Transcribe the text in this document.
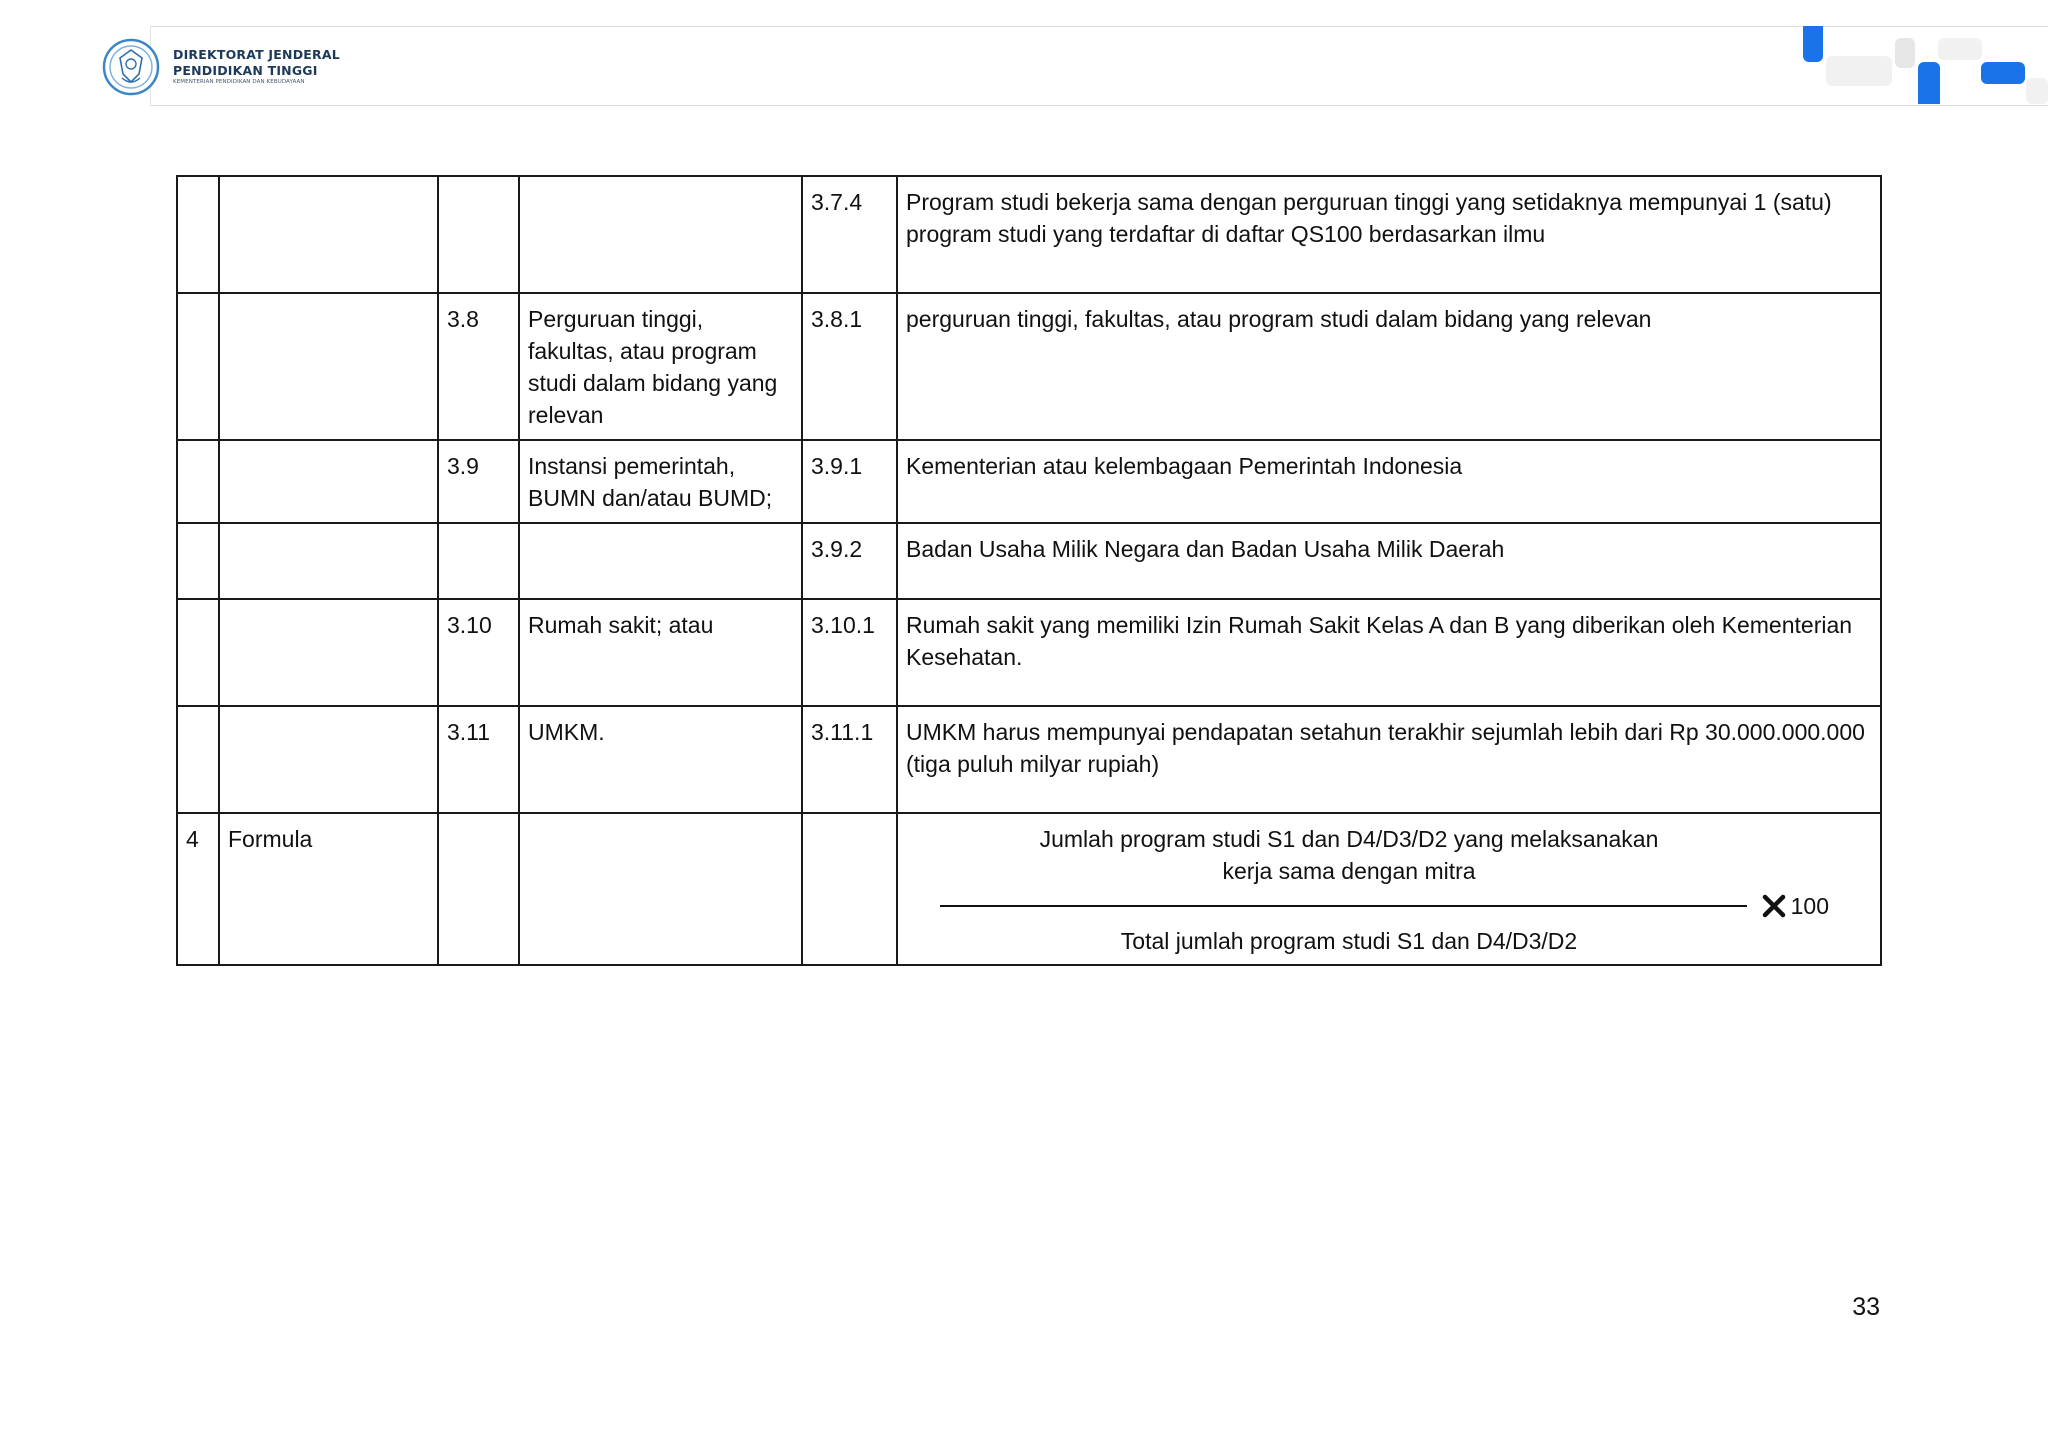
DIREKTORAT JENDERAL
PENDIDIKAN TINGGI
KEMENTERIAN PENDIDIKAN DAN KEBUDAYAAN
				3.7.4	Program studi bekerja sama dengan perguruan tinggi yang setidaknya mempunyai 1 (satu) program studi yang terdaftar di daftar QS100 berdasarkan ilmu
		3.8	Perguruan tinggi, fakultas, atau program studi dalam bidang yang relevan	3.8.1	perguruan tinggi, fakultas, atau program studi dalam bidang yang relevan
		3.9	Instansi pemerintah, BUMN dan/atau BUMD;	3.9.1	Kementerian atau kelembagaan Pemerintah Indonesia
				3.9.2	Badan Usaha Milik Negara dan Badan Usaha Milik Daerah
		3.10	Rumah sakit; atau	3.10.1	Rumah sakit yang memiliki Izin Rumah Sakit Kelas A dan B yang diberikan oleh Kementerian Kesehatan.
		3.11	UMKM.	3.11.1	UMKM harus mempunyai pendapatan setahun terakhir sejumlah lebih dari Rp 30.000.000.000 (tiga puluh milyar rupiah)
4	Formula				Jumlah program studi S1 dan D4/D3/D2 yang melaksanakan
kerja sama dengan mitra
100
Total jumlah program studi S1 dan D4/D3/D2
33
